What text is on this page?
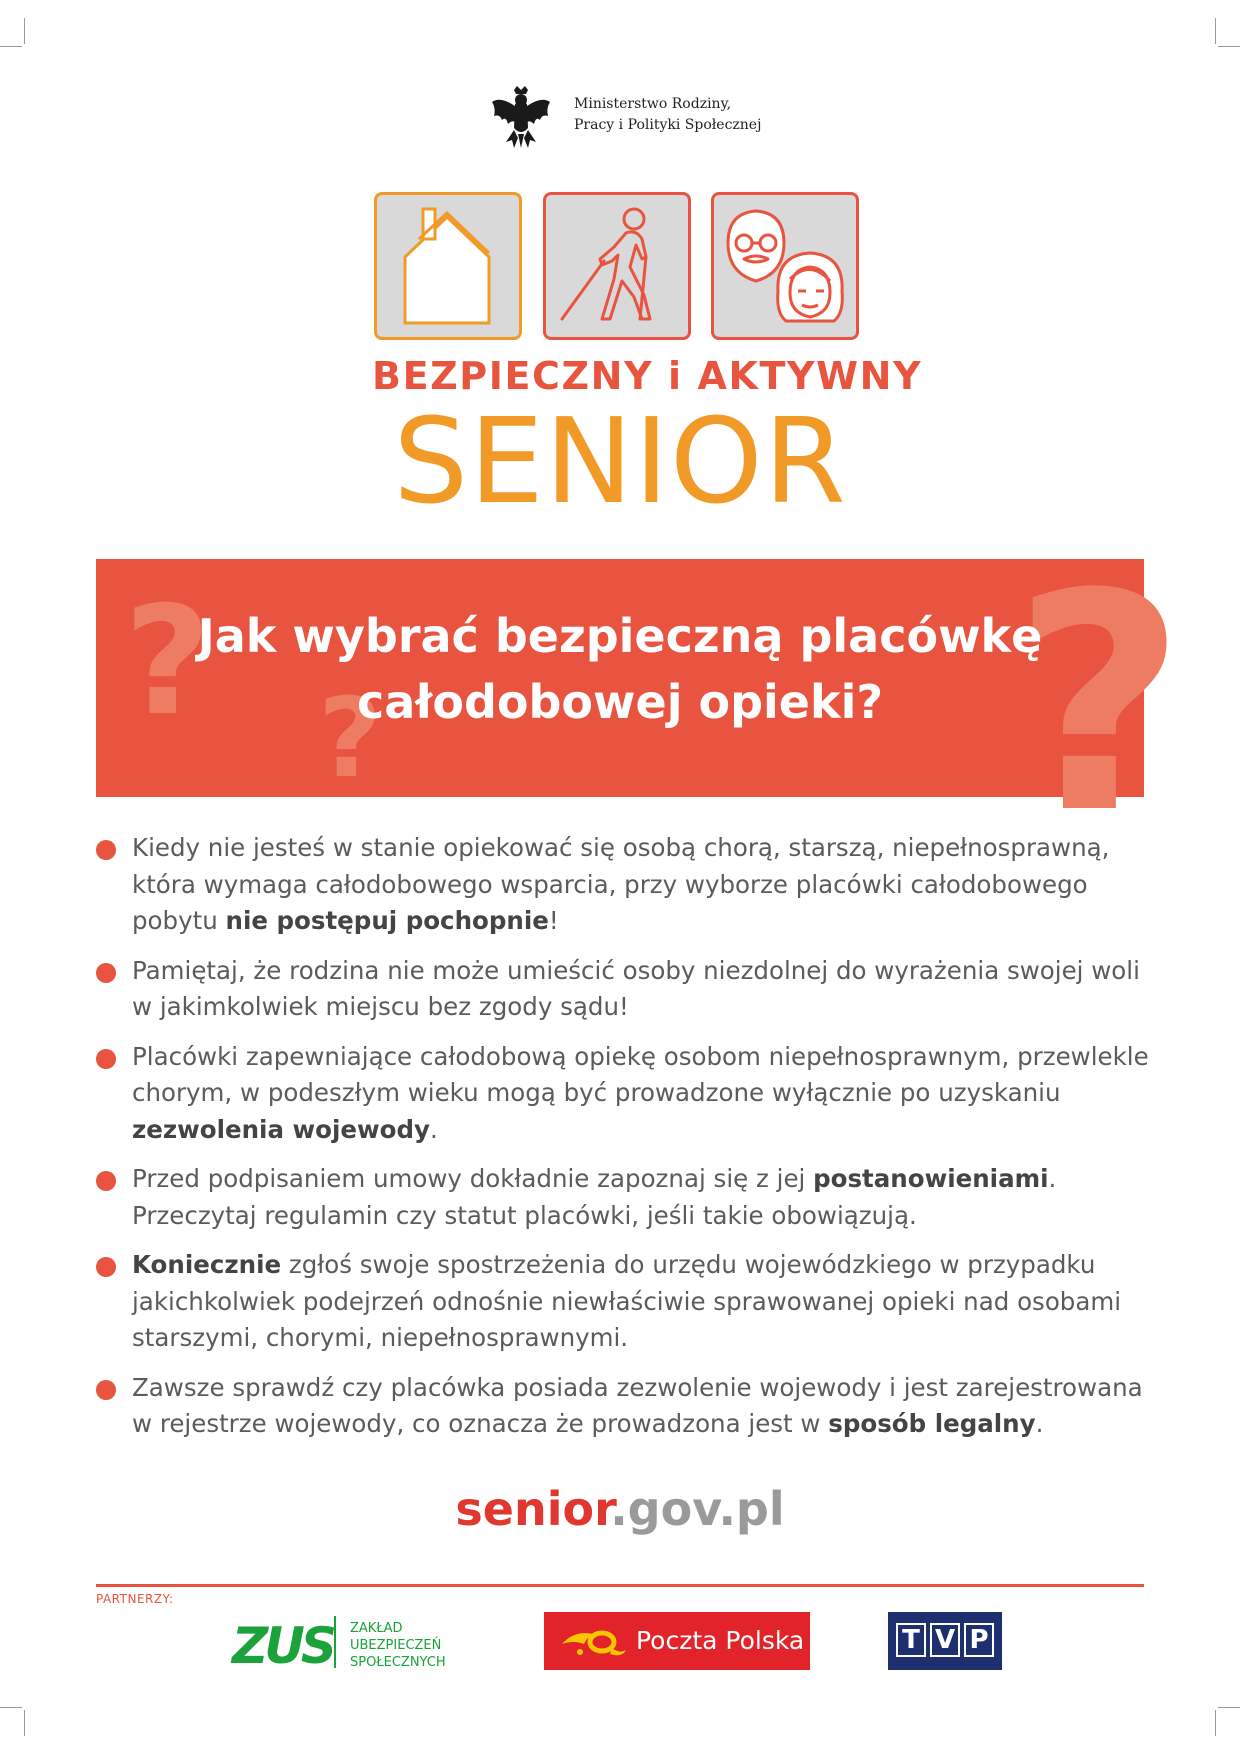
Ministerstwo Rodziny,
Pracy i Polityki Społecznej
BEZPIECZNY i AKTYWNY
SENIOR
? ? ?
Jak wybrać bezpieczną placówkę
całodobowej opieki?
Kiedy nie jesteś w stanie opiekować się osobą chorą, starszą, niepełnosprawną, która wymaga całodobowego wsparcia, przy wyborze placówki całodobowego pobytu nie postępuj pochopnie!
Pamiętaj, że rodzina nie może umieścić osoby niezdolnej do wyrażenia swojej woli w jakimkolwiek miejscu bez zgody sądu!
Placówki zapewniające całodobową opiekę osobom niepełnosprawnym, przewlekle chorym, w podeszłym wieku mogą być prowadzone wyłącznie po uzyskaniu zezwolenia wojewody.
Przed podpisaniem umowy dokładnie zapoznaj się z jej postanowieniami. Przeczytaj regulamin czy statut placówki, jeśli takie obowiązują.
Koniecznie zgłoś swoje spostrzeżenia do urzędu wojewódzkiego w przypadku jakichkolwiek podejrzeń odnośnie niewłaściwie sprawowanej opieki nad osobami starszymi, chorymi, niepełnosprawnymi.
Zawsze sprawdź czy placówka posiada zezwolenie wojewody i jest zarejestrowana w rejestrze wojewody, co oznacza że prowadzona jest w sposób legalny.
senior.gov.pl
PARTNERZY:
ZUS ZAKŁAD
UBEZPIECZEŃ
SPOŁECZNYCH
Poczta Polska	T V P
